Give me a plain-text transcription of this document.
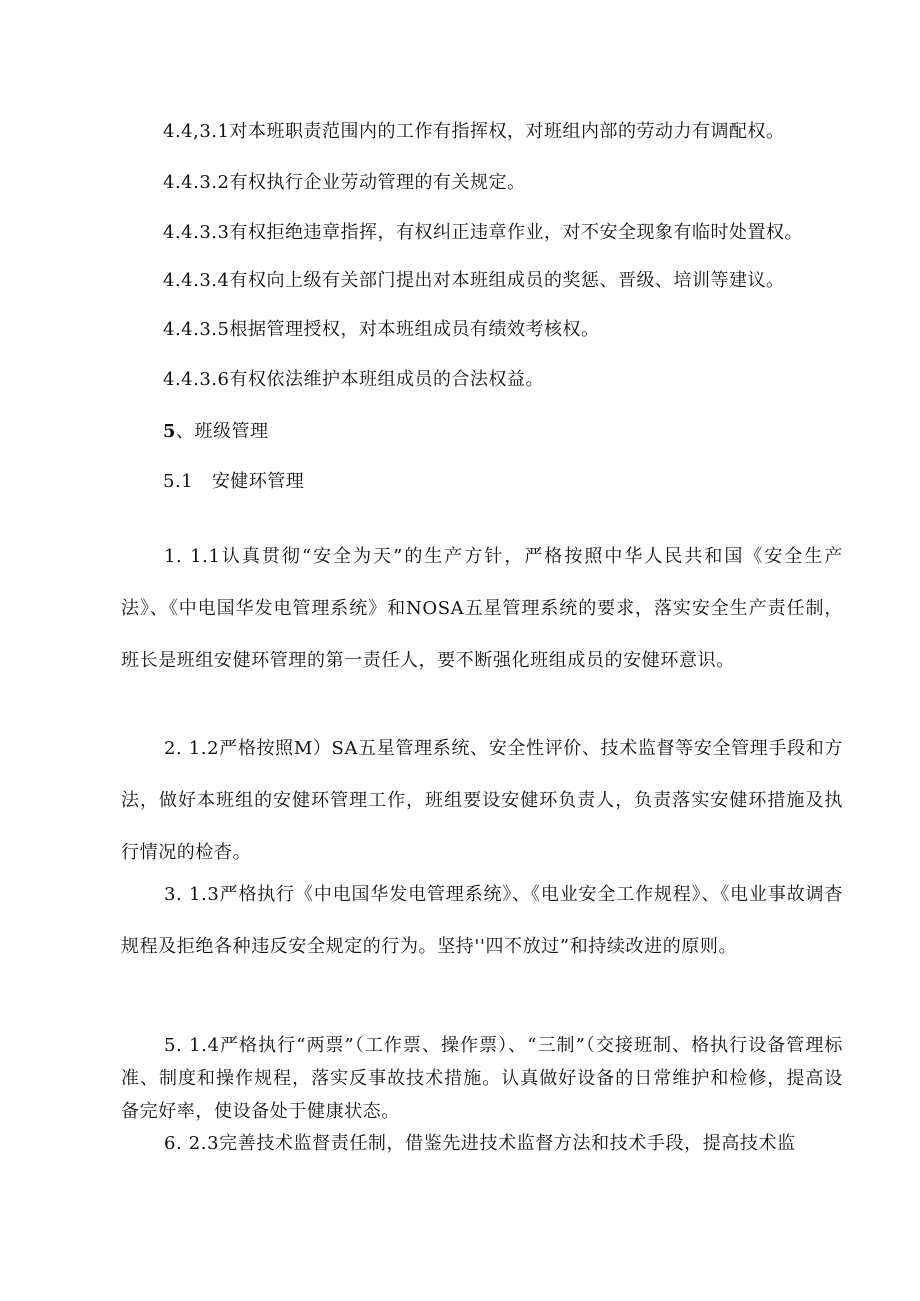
4.4,3.1对本班职责范围内的工作有指挥权，对班组内部的劳动力有调配权。
4.4.3.2有权执行企业劳动管理的有关规定。
4.4.3.3有权拒绝违章指挥，有权纠正违章作业，对不安全现象有临时处置权。
4.4.3.4有权向上级有关部门提出对本班组成员的奖惩、晋级、培训等建议。
4.4.3.5根据管理授权，对本班组成员有绩效考核权。
4.4.3.6有权依法维护本班组成员的合法权益。
5、班级管理
5.1 安健环管理
1. 1.1认真贯彻“安全为天”的生产方针，严格按照中华人民共和国《安全生产法》、《中电国华发电管理系统》和NOSA五星管理系统的要求，落实安全生产责任制，班长是班组安健环管理的第一责任人，要不断强化班组成员的安健环意识。
2. 1.2严格按照M）SA五星管理系统、安全性评价、技术监督等安全管理手段和方法，做好本班组的安健环管理工作，班组要设安健环负责人，负责落实安健环措施及执行情况的检杳。
3. 1.3严格执行《中电国华发电管理系统》、《电业安全工作规程》、《电业事故调杳规程及拒绝各种违反安全规定的行为。坚持''四不放过”和持续改进的原则。
5. 1.4严格执行“两票”（工作票、操作票）、“三制”（交接班制、格执行设备管理标准、制度和操作规程，落实反事故技术措施。认真做好设备的日常维护和检修，提高设备完好率，使设备处于健康状态。
6. 2.3完善技术监督责任制，借鉴先进技术监督方法和技术手段，提高技术监
